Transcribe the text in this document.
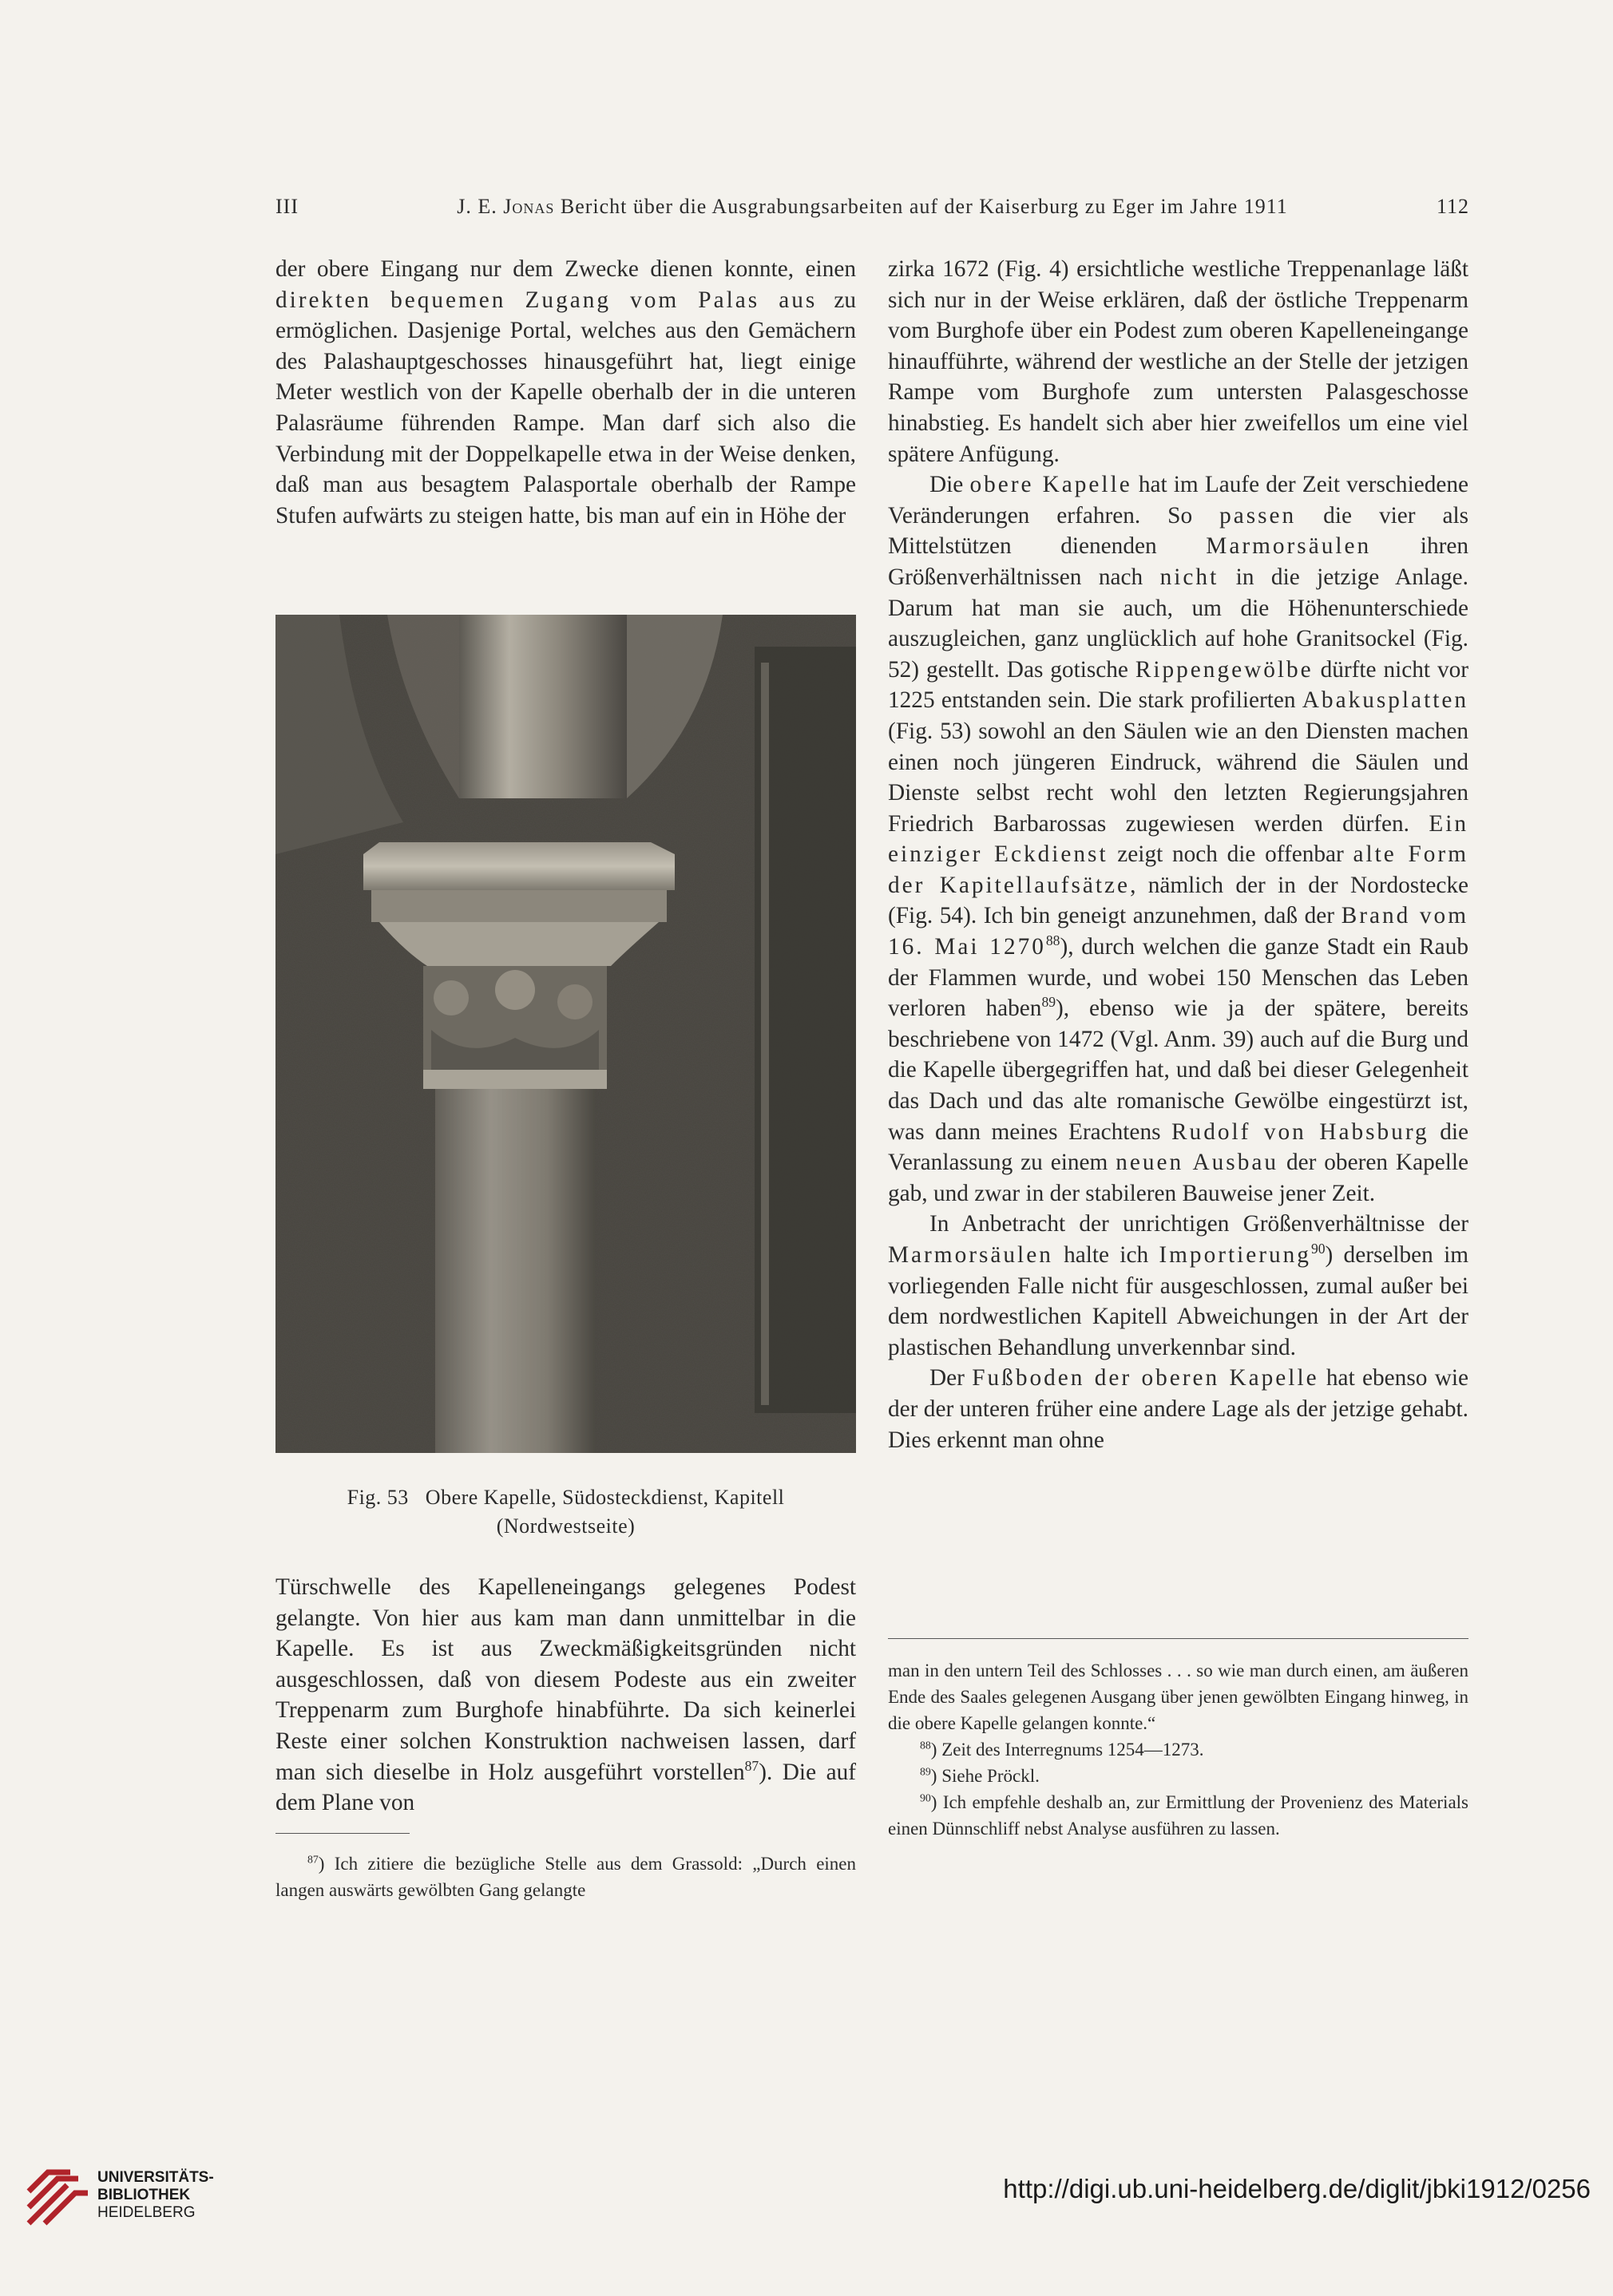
III	J. E. Jonas Bericht über die Ausgrabungsarbeiten auf der Kaiserburg zu Eger im Jahre 1911	112

der obere Eingang nur dem Zwecke dienen konnte, einen direkten bequemen Zugang vom Palas aus zu ermöglichen. Dasjenige Portal, welches aus den Gemächern des Palashauptgeschosses hinausgeführt hat, liegt einige Meter westlich von der Kapelle oberhalb der in die unteren Palasräume führenden Rampe. Man darf sich also die Verbindung mit der Doppelkapelle etwa in der Weise denken, daß man aus besagtem Palasportale oberhalb der Rampe Stufen aufwärts zu steigen hatte, bis man auf ein in Höhe der

Fig. 53   Obere Kapelle, Südosteckdienst, Kapitell
(Nordwestseite)

Türschwelle des Kapelleneingangs gelegenes Podest gelangte. Von hier aus kam man dann unmittelbar in die Kapelle. Es ist aus Zweckmäßigkeitsgründen nicht ausgeschlossen, daß von diesem Podeste aus ein zweiter Treppenarm zum Burghofe hinabführte. Da sich keinerlei Reste einer solchen Konstruktion nachweisen lassen, darf man sich dieselbe in Holz ausgeführt vorstellen$^{87}$). Die auf dem Plane von

$^{87}$) Ich zitiere die bezügliche Stelle aus dem Grassold: „Durch einen langen auswärts gewölbten Gang gelangte

zirka 1672 (Fig. 4) ersichtliche westliche Treppenanlage läßt sich nur in der Weise erklären, daß der östliche Treppenarm vom Burghofe über ein Podest zum oberen Kapelleneingange hinaufführte, während der westliche an der Stelle der jetzigen Rampe vom Burghofe zum untersten Palasgeschosse hinabstieg. Es handelt sich aber hier zweifellos um eine viel spätere Anfügung.

Die obere Kapelle hat im Laufe der Zeit verschiedene Veränderungen erfahren. So passen die vier als Mittelstützen dienenden Marmorsäulen ihren Größenverhältnissen nach nicht in die jetzige Anlage. Darum hat man sie auch, um die Höhenunterschiede auszugleichen, ganz unglücklich auf hohe Granitsockel (Fig. 52) gestellt. Das gotische Rippengewölbe dürfte nicht vor 1225 entstanden sein. Die stark profilierten Abakusplatten (Fig. 53) sowohl an den Säulen wie an den Diensten machen einen noch jüngeren Eindruck, während die Säulen und Dienste selbst recht wohl den letzten Regierungsjahren Friedrich Barbarossas zugewiesen werden dürfen. Ein einziger Eckdienst zeigt noch die offenbar alte Form der Kapitellaufsätze, nämlich der in der Nordostecke (Fig. 54). Ich bin geneigt anzunehmen, daß der Brand vom 16. Mai 1270$^{88}$), durch welchen die ganze Stadt ein Raub der Flammen wurde, und wobei 150 Menschen das Leben verloren haben$^{89}$), ebenso wie ja der spätere, bereits beschriebene von 1472 (Vgl. Anm. 39) auch auf die Burg und die Kapelle übergegriffen hat, und daß bei dieser Gelegenheit das Dach und das alte romanische Gewölbe eingestürzt ist, was dann meines Erachtens Rudolf von Habsburg die Veranlassung zu einem neuen Ausbau der oberen Kapelle gab, und zwar in der stabileren Bauweise jener Zeit.

In Anbetracht der unrichtigen Größenverhältnisse der Marmorsäulen halte ich Importierung$^{90}$) derselben im vorliegenden Falle nicht für ausgeschlossen, zumal außer bei dem nordwestlichen Kapitell Abweichungen in der Art der plastischen Behandlung unverkennbar sind.

Der Fußboden der oberen Kapelle hat ebenso wie der der unteren früher eine andere Lage als der jetzige gehabt. Dies erkennt man ohne

man in den untern Teil des Schlosses . . . so wie man durch einen, am äußeren Ende des Saales gelegenen Ausgang über jenen gewölbten Eingang hinweg, in die obere Kapelle gelangen konnte.“

$^{88}$) Zeit des Interregnums 1254—1273.

$^{89}$) Siehe Pröckl.

$^{90}$) Ich empfehle deshalb an, zur Ermittlung der Provenienz des Materials einen Dünnschliff nebst Analyse ausführen zu lassen.

UNIVERSITÄTS-
BIBLIOTHEK
HEIDELBERG
http://digi.ub.uni-heidelberg.de/diglit/jbki1912/0256
